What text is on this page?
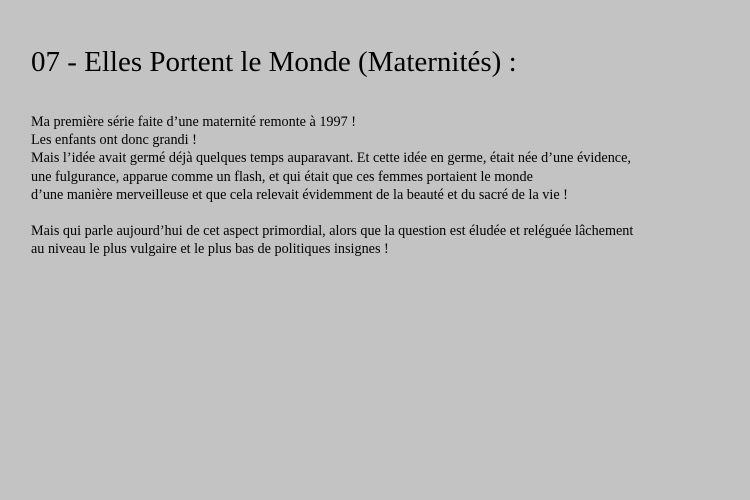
07 - Elles Portent le Monde (Maternités) :

Ma première série faite d’une maternité remonte à 1997 !
Les enfants ont donc grandi !
Mais l’idée avait germé déjà quelques temps auparavant. Et cette idée en germe, était née d’une évidence,
une fulgurance, apparue comme un flash, et qui était que ces femmes portaient le monde
d’une manière merveilleuse et que cela relevait évidemment de la beauté et du sacré de la vie !

Mais qui parle aujourd’hui de cet aspect primordial, alors que la question est éludée et reléguée lâchement
au niveau le plus vulgaire et le plus bas de politiques insignes !
